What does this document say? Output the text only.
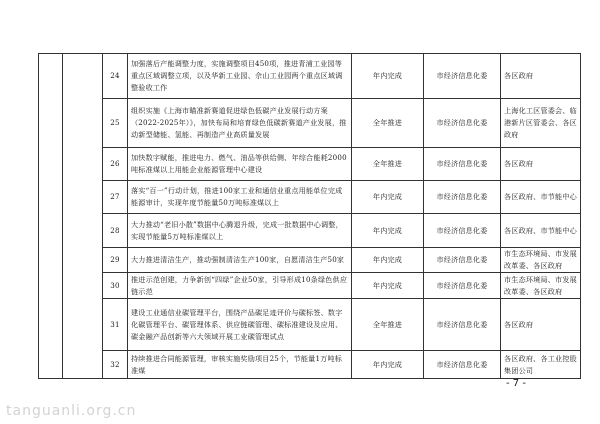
		24	加强落后产能调整力度，实施调整项目450项，推进青浦工业园等重点区域调整立项，以及华新工业园、佘山工业园两个重点区域调整验收工作	年内完成	市经济信息化委	各区政府
		25	组织实施《上海市瞄准新赛道促进绿色低碳产业发展行动方案（2022-2025年）》，加快布局和培育绿色低碳新赛道产业发展，推动新型储能、氢能、再制造产业高质量发展	全年推进	市经济信息化委	上海化工区管委会、临港新片区管委会、各区政府
		26	加快数字赋能，推进电力、燃气、油品等供给侧、年综合能耗2000吨标准煤以上用能企业能源管理中心建设	全年推进	市经济信息化委	各区政府
		27	落实“百一”行动计划，推进100家工业和通信业重点用能单位完成能源审计，实现年度节能量50万吨标准煤以上	年内完成	市经济信息化委	各区政府、市节能中心
		28	大力推动“老旧小散”数据中心腾退升级，完成一批数据中心调整，实现节能量5万吨标准煤以上	年内完成	市经济信息化委	各区政府、市节能中心
		29	大力推进清洁生产，推动强制清洁生产100家，自愿清洁生产50家	年内完成	市经济信息化委	市生态环境局、市发展改革委、各区政府
		30	推进示范创建，力争新创“四绿”企业50家，引导形成10条绿色供应链示范	年内完成	市经济信息化委	市生态环境局、市发展改革委、各区政府
		31	建设工业通信业碳管理平台，围绕产品碳足迹评价与碳标签、数字化碳管理平台、碳管理体系、供应链碳管理、碳标准建设及应用、碳金融产品创新等六大领域开展工业碳管理试点	全年推进	市经济信息化委	各区政府
		32	持续推进合同能源管理，审核实施奖励项目25个，节能量1万吨标准煤	年内完成	市经济信息化委	各区政府、各工业控股集团公司
- 7 -
tanguanli.org.cn
